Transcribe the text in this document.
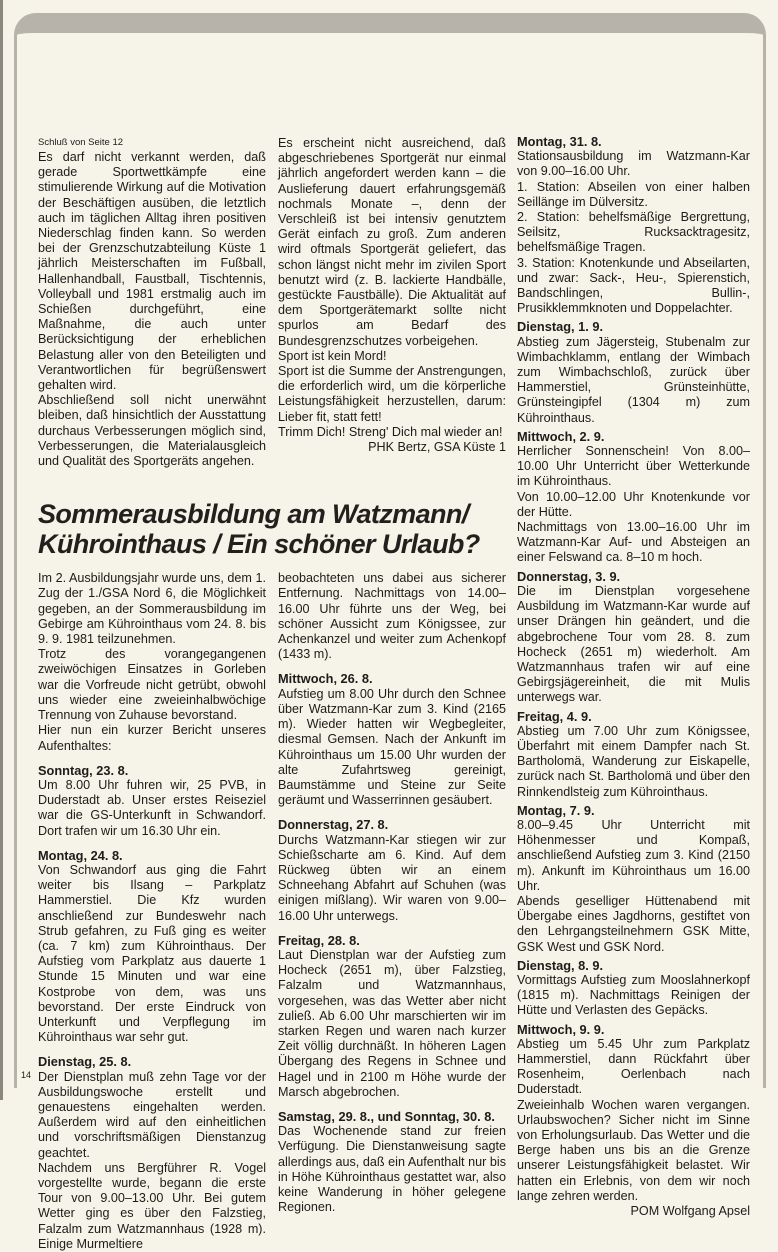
Schluß von Seite 12

Es darf nicht verkannt werden, daß gerade Sportwettkämpfe eine stimulierende Wirkung auf die Motivation der Beschäftigen ausüben, die letztlich auch im täglichen Alltag ihren positiven Niederschlag finden kann. So werden bei der Grenzschutzabteilung Küste 1 jährlich Meisterschaften im Fußball, Hallenhandball, Faustball, Tischtennis, Volleyball und 1981 erstmalig auch im Schießen durchgeführt, eine Maßnahme, die auch unter Berücksichtigung der erheblichen Belastung aller von den Beteiligten und Verantwortlichen für begrüßenswert gehalten wird.

Abschließend soll nicht unerwähnt bleiben, daß hinsichtlich der Ausstattung durchaus Verbesserungen möglich sind, Verbesserungen, die Materialausgleich und Qualität des Sportgeräts angehen.

Es erscheint nicht ausreichend, daß abgeschriebenes Sportgerät nur einmal jährlich angefordert werden kann – die Auslieferung dauert erfahrungsgemäß nochmals Monate –, denn der Verschleiß ist bei intensiv genutztem Gerät einfach zu groß. Zum anderen wird oftmals Sportgerät geliefert, das schon längst nicht mehr im zivilen Sport benutzt wird (z. B. lackierte Handbälle, gestückte Faustbälle). Die Aktualität auf dem Sportgerätemarkt sollte nicht spurlos am Bedarf des Bundesgrenzschutzes vorbeigehen.

Sport ist kein Mord!

Sport ist die Summe der Anstrengungen, die erforderlich wird, um die körperliche Leistungsfähigkeit herzustellen, darum: Lieber fit, statt fett!

Trimm Dich! Streng' Dich mal wieder an!

PHK Bertz, GSA Küste 1

Sommerausbildung am Watzmann/
Kührointhaus / Ein schöner Urlaub?

Im 2. Ausbildungsjahr wurde uns, dem 1. Zug der 1./GSA Nord 6, die Möglichkeit gegeben, an der Sommerausbildung im Gebirge am Kührointhaus vom 24. 8. bis 9. 9. 1981 teilzunehmen.

Trotz des vorangegangenen zweiwöchigen Einsatzes in Gorleben war die Vorfreude nicht getrübt, obwohl uns wieder eine zweieinhalbwöchige Trennung von Zuhause bevorstand.

Hier nun ein kurzer Bericht unseres Aufenthaltes:

Sonntag, 23. 8.

Um 8.00 Uhr fuhren wir, 25 PVB, in Duderstadt ab. Unser erstes Reiseziel war die GS-Unterkunft in Schwandorf. Dort trafen wir um 16.30 Uhr ein.

Montag, 24. 8.

Von Schwandorf aus ging die Fahrt weiter bis Ilsang – Parkplatz Hammerstiel. Die Kfz wurden anschließend zur Bundeswehr nach Strub gefahren, zu Fuß ging es weiter (ca. 7 km) zum Kührointhaus. Der Aufstieg vom Parkplatz aus dauerte 1 Stunde 15 Minuten und war eine Kostprobe von dem, was uns bevorstand. Der erste Eindruck von Unterkunft und Verpflegung im Kührointhaus war sehr gut.

Dienstag, 25. 8.

Der Dienstplan muß zehn Tage vor der Ausbildungswoche erstellt und genauestens eingehalten werden. Außerdem wird auf den einheitlichen und vorschriftsmäßigen Dienstanzug geachtet.

Nachdem uns Bergführer R. Vogel vorgestellte wurde, begann die erste Tour von 9.00–13.00 Uhr. Bei gutem Wetter ging es über den Falzstieg, Falzalm zum Watzmannhaus (1928 m). Einige Murmeltiere

beobachteten uns dabei aus sicherer Entfernung. Nachmittags von 14.00–16.00 Uhr führte uns der Weg, bei schöner Aussicht zum Königssee, zur Achenkanzel und weiter zum Achenkopf (1433 m).

Mittwoch, 26. 8.

Aufstieg um 8.00 Uhr durch den Schnee über Watzmann-Kar zum 3. Kind (2165 m). Wieder hatten wir Wegbegleiter, diesmal Gemsen. Nach der Ankunft im Kührointhaus um 15.00 Uhr wurden der alte Zufahrtsweg gereinigt, Baumstämme und Steine zur Seite geräumt und Wasserrinnen gesäubert.

Donnerstag, 27. 8.

Durchs Watzmann-Kar stiegen wir zur Schießscharte am 6. Kind. Auf dem Rückweg übten wir an einem Schneehang Abfahrt auf Schuhen (was einigen mißlang). Wir waren von 9.00–16.00 Uhr unterwegs.

Freitag, 28. 8.

Laut Dienstplan war der Aufstieg zum Hocheck (2651 m), über Falzstieg, Falzalm und Watzmannhaus, vorgesehen, was das Wetter aber nicht zuließ. Ab 6.00 Uhr marschierten wir im starken Regen und waren nach kurzer Zeit völlig durchnäßt. In höheren Lagen Übergang des Regens in Schnee und Hagel und in 2100 m Höhe wurde der Marsch abgebrochen.

Samstag, 29. 8., und Sonntag, 30. 8.

Das Wochenende stand zur freien Verfügung. Die Dienstanweisung sagte allerdings aus, daß ein Aufenthalt nur bis in Höhe Kührointhaus gestattet war, also keine Wanderung in höher gelegene Regionen.

Montag, 31. 8.

Stationsausbildung im Watzmann-Kar von 9.00–16.00 Uhr.

1. Station: Abseilen von einer halben Seillänge im Dülversitz.

2. Station: behelfsmäßige Bergrettung, Seilsitz, Rucksacktragesitz, behelfsmäßige Tragen.

3. Station: Knotenkunde und Abseilarten, und zwar: Sack-, Heu-, Spierenstich, Bandschlingen, Bullin-, Prusikklemmknoten und Doppelachter.

Dienstag, 1. 9.

Abstieg zum Jägersteig, Stubenalm zur Wimbachklamm, entlang der Wimbach zum Wimbachschloß, zurück über Hammerstiel, Grünsteinhütte, Grünsteingipfel (1304 m) zum Kührointhaus.

Mittwoch, 2. 9.

Herrlicher Sonnenschein! Von 8.00–10.00 Uhr Unterricht über Wetterkunde im Kührointhaus.

Von 10.00–12.00 Uhr Knotenkunde vor der Hütte.

Nachmittags von 13.00–16.00 Uhr im Watzmann-Kar Auf- und Absteigen an einer Felswand ca. 8–10 m hoch.

Donnerstag, 3. 9.

Die im Dienstplan vorgesehene Ausbildung im Watzmann-Kar wurde auf unser Drängen hin geändert, und die abgebrochene Tour vom 28. 8. zum Hocheck (2651 m) wiederholt. Am Watzmannhaus trafen wir auf eine Gebirgsjägereinheit, die mit Mulis unterwegs war.

Freitag, 4. 9.

Abstieg um 7.00 Uhr zum Königssee, Überfahrt mit einem Dampfer nach St. Bartholomä, Wanderung zur Eiskapelle, zurück nach St. Bartholomä und über den Rinnkendlsteig zum Kührointhaus.

Montag, 7. 9.

8.00–9.45 Uhr Unterricht mit Höhenmesser und Kompaß, anschließend Aufstieg zum 3. Kind (2150 m). Ankunft im Kührointhaus um 16.00 Uhr.

Abends geselliger Hüttenabend mit Übergabe eines Jagdhorns, gestiftet von den Lehrgangsteilnehmern GSK Mitte, GSK West und GSK Nord.

Dienstag, 8. 9.

Vormittags Aufstieg zum Mooslahnerkopf (1815 m). Nachmittags Reinigen der Hütte und Verlasten des Gepäcks.

Mittwoch, 9. 9.

Abstieg um 5.45 Uhr zum Parkplatz Hammerstiel, dann Rückfahrt über Rosenheim, Oerlenbach nach Duderstadt.

Zweieinhalb Wochen waren vergangen. Urlaubswochen? Sicher nicht im Sinne von Erholungsurlaub. Das Wetter und die Berge haben uns bis an die Grenze unserer Leistungsfähigkeit belastet. Wir hatten ein Erlebnis, von dem wir noch lange zehren werden.

POM Wolfgang Apsel

14
